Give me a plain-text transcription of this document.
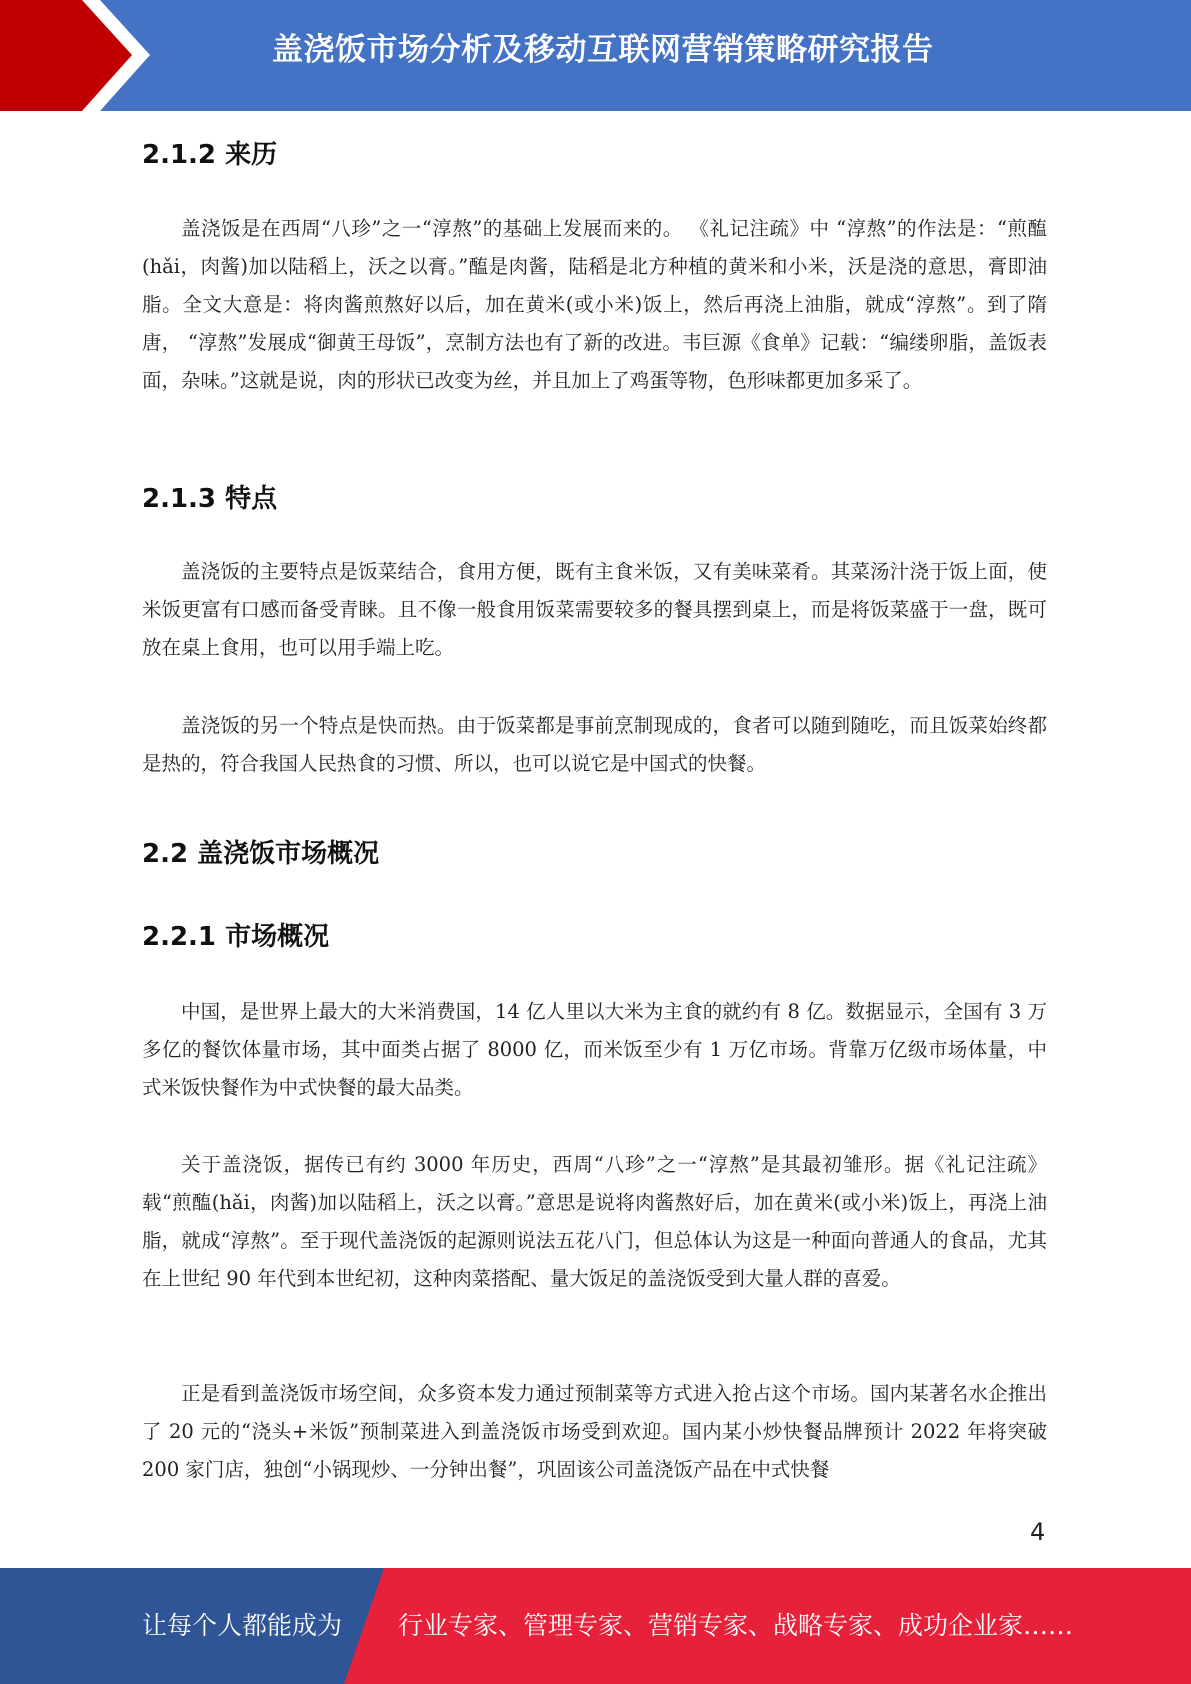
盖浇饭市场分析及移动互联网营销策略研究报告
2.1.2 来历

盖浇饭是在西周“八珍”之一“淳熬”的基础上发展而来的。 《礼记注疏》中 “淳熬”的作法是：“煎醢(hǎi，肉酱)加以陆稻上，沃之以膏。”醢是肉酱，陆稻是北方种植的黄米和小米，沃是浇的意思，膏即油脂。全文大意是：将肉酱煎熬好以后，加在黄米(或小米)饭上，然后再浇上油脂，就成“淳熬”。到了隋唐， “淳熬”发展成“御黄王母饭”，烹制方法也有了新的改进。韦巨源《食单》记载：“编缕卵脂，盖饭表面，杂味。”这就是说，肉的形状已改变为丝，并且加上了鸡蛋等物，色形味都更加多采了。

2.1.3 特点

盖浇饭的主要特点是饭菜结合，食用方便，既有主食米饭，又有美味菜肴。其菜汤汁浇于饭上面，使米饭更富有口感而备受青睐。且不像一般食用饭菜需要较多的餐具摆到桌上，而是将饭菜盛于一盘，既可放在桌上食用，也可以用手端上吃。

盖浇饭的另一个特点是快而热。由于饭菜都是事前烹制现成的，食者可以随到随吃，而且饭菜始终都是热的，符合我国人民热食的习惯、所以，也可以说它是中国式的快餐。

2.2 盖浇饭市场概况
2.2.1 市场概况

中国，是世界上最大的大米消费国，14 亿人里以大米为主食的就约有 8 亿。数据显示，全国有 3 万多亿的餐饮体量市场，其中面类占据了 8000 亿，而米饭至少有 1 万亿市场。背靠万亿级市场体量，中式米饭快餐作为中式快餐的最大品类。

关于盖浇饭，据传已有约 3000 年历史，西周“八珍”之一“淳熬”是其最初雏形。据《礼记注疏》载“煎醢(hǎi，肉酱)加以陆稻上，沃之以膏。”意思是说将肉酱熬好后，加在黄米(或小米)饭上，再浇上油脂，就成“淳熬”。至于现代盖浇饭的起源则说法五花八门，但总体认为这是一种面向普通人的食品，尤其在上世纪 90 年代到本世纪初，这种肉菜搭配、量大饭足的盖浇饭受到大量人群的喜爱。

正是看到盖浇饭市场空间，众多资本发力通过预制菜等方式进入抢占这个市场。国内某著名水企推出了 20 元的“浇头+米饭”预制菜进入到盖浇饭市场受到欢迎。国内某小炒快餐品牌预计 2022 年将突破 200 家门店，独创“小锅现炒、一分钟出餐”，巩固该公司盖浇饭产品在中式快餐

4
让每个人都能成为 行业专家、管理专家、营销专家、战略专家、成功企业家……
